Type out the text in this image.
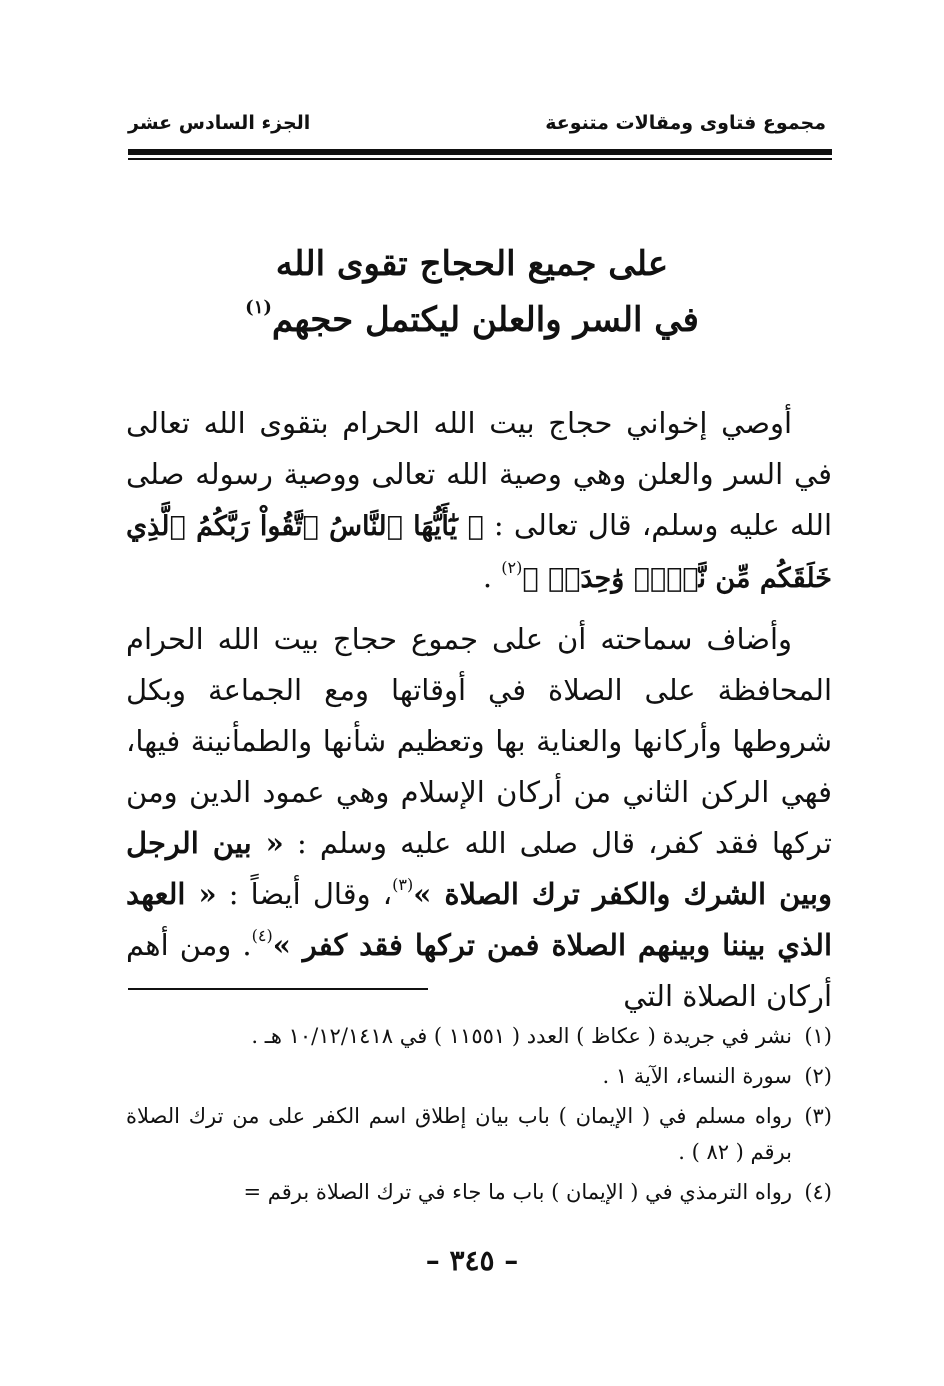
مجموع فتاوى ومقالات متنوعة
الجزء السادس عشر
على جميع الحجاج تقوى الله
في السر والعلن ليكتمل حجهم$^{(١)}$

أوصي إخواني حجاج بيت الله الحرام بتقوى الله تعالى في السر والعلن وهي وصية الله تعالى ووصية رسوله صلى الله عليه وسلم، قال تعالى : ﴿ يَٰٓأَيُّهَا ٱلنَّاسُ ٱتَّقُواْ رَبَّكُمُ ٱلَّذِي خَلَقَكُم مِّن نَّفۡسٖ وَٰحِدَةٖ ﴾$^{(٢)}$ .

وأضاف سماحته أن على جموع حجاج بيت الله الحرام المحافظة على الصلاة في أوقاتها ومع الجماعة وبكل شروطها وأركانها والعناية بها وتعظيم شأنها والطمأنينة فيها، فهي الركن الثاني من أركان الإسلام وهي عمود الدين ومن تركها فقد كفر، قال صلى الله عليه وسلم : « بين الرجل وبين الشرك والكفر ترك الصلاة »$^{(٣)}$، وقال أيضاً : « العهد الذي بيننا وبينهم الصلاة فمن تركها فقد كفر »$^{(٤)}$. ومن أهم أركان الصلاة التي

(١)
نشر في جريدة ( عكاظ ) العدد ( ١١٥٥١ ) في ١٠/١٢/١٤١٨ هـ .
(٢)
سورة النساء، الآية ١ .
(٣)
رواه مسلم في ( الإيمان ) باب بيان إطلاق اسم الكفر على من ترك الصلاة برقم ( ٨٢ ) .
(٤)
رواه الترمذي في ( الإيمان ) باب ما جاء في ترك الصلاة برقم =
– ٣٤٥ –
